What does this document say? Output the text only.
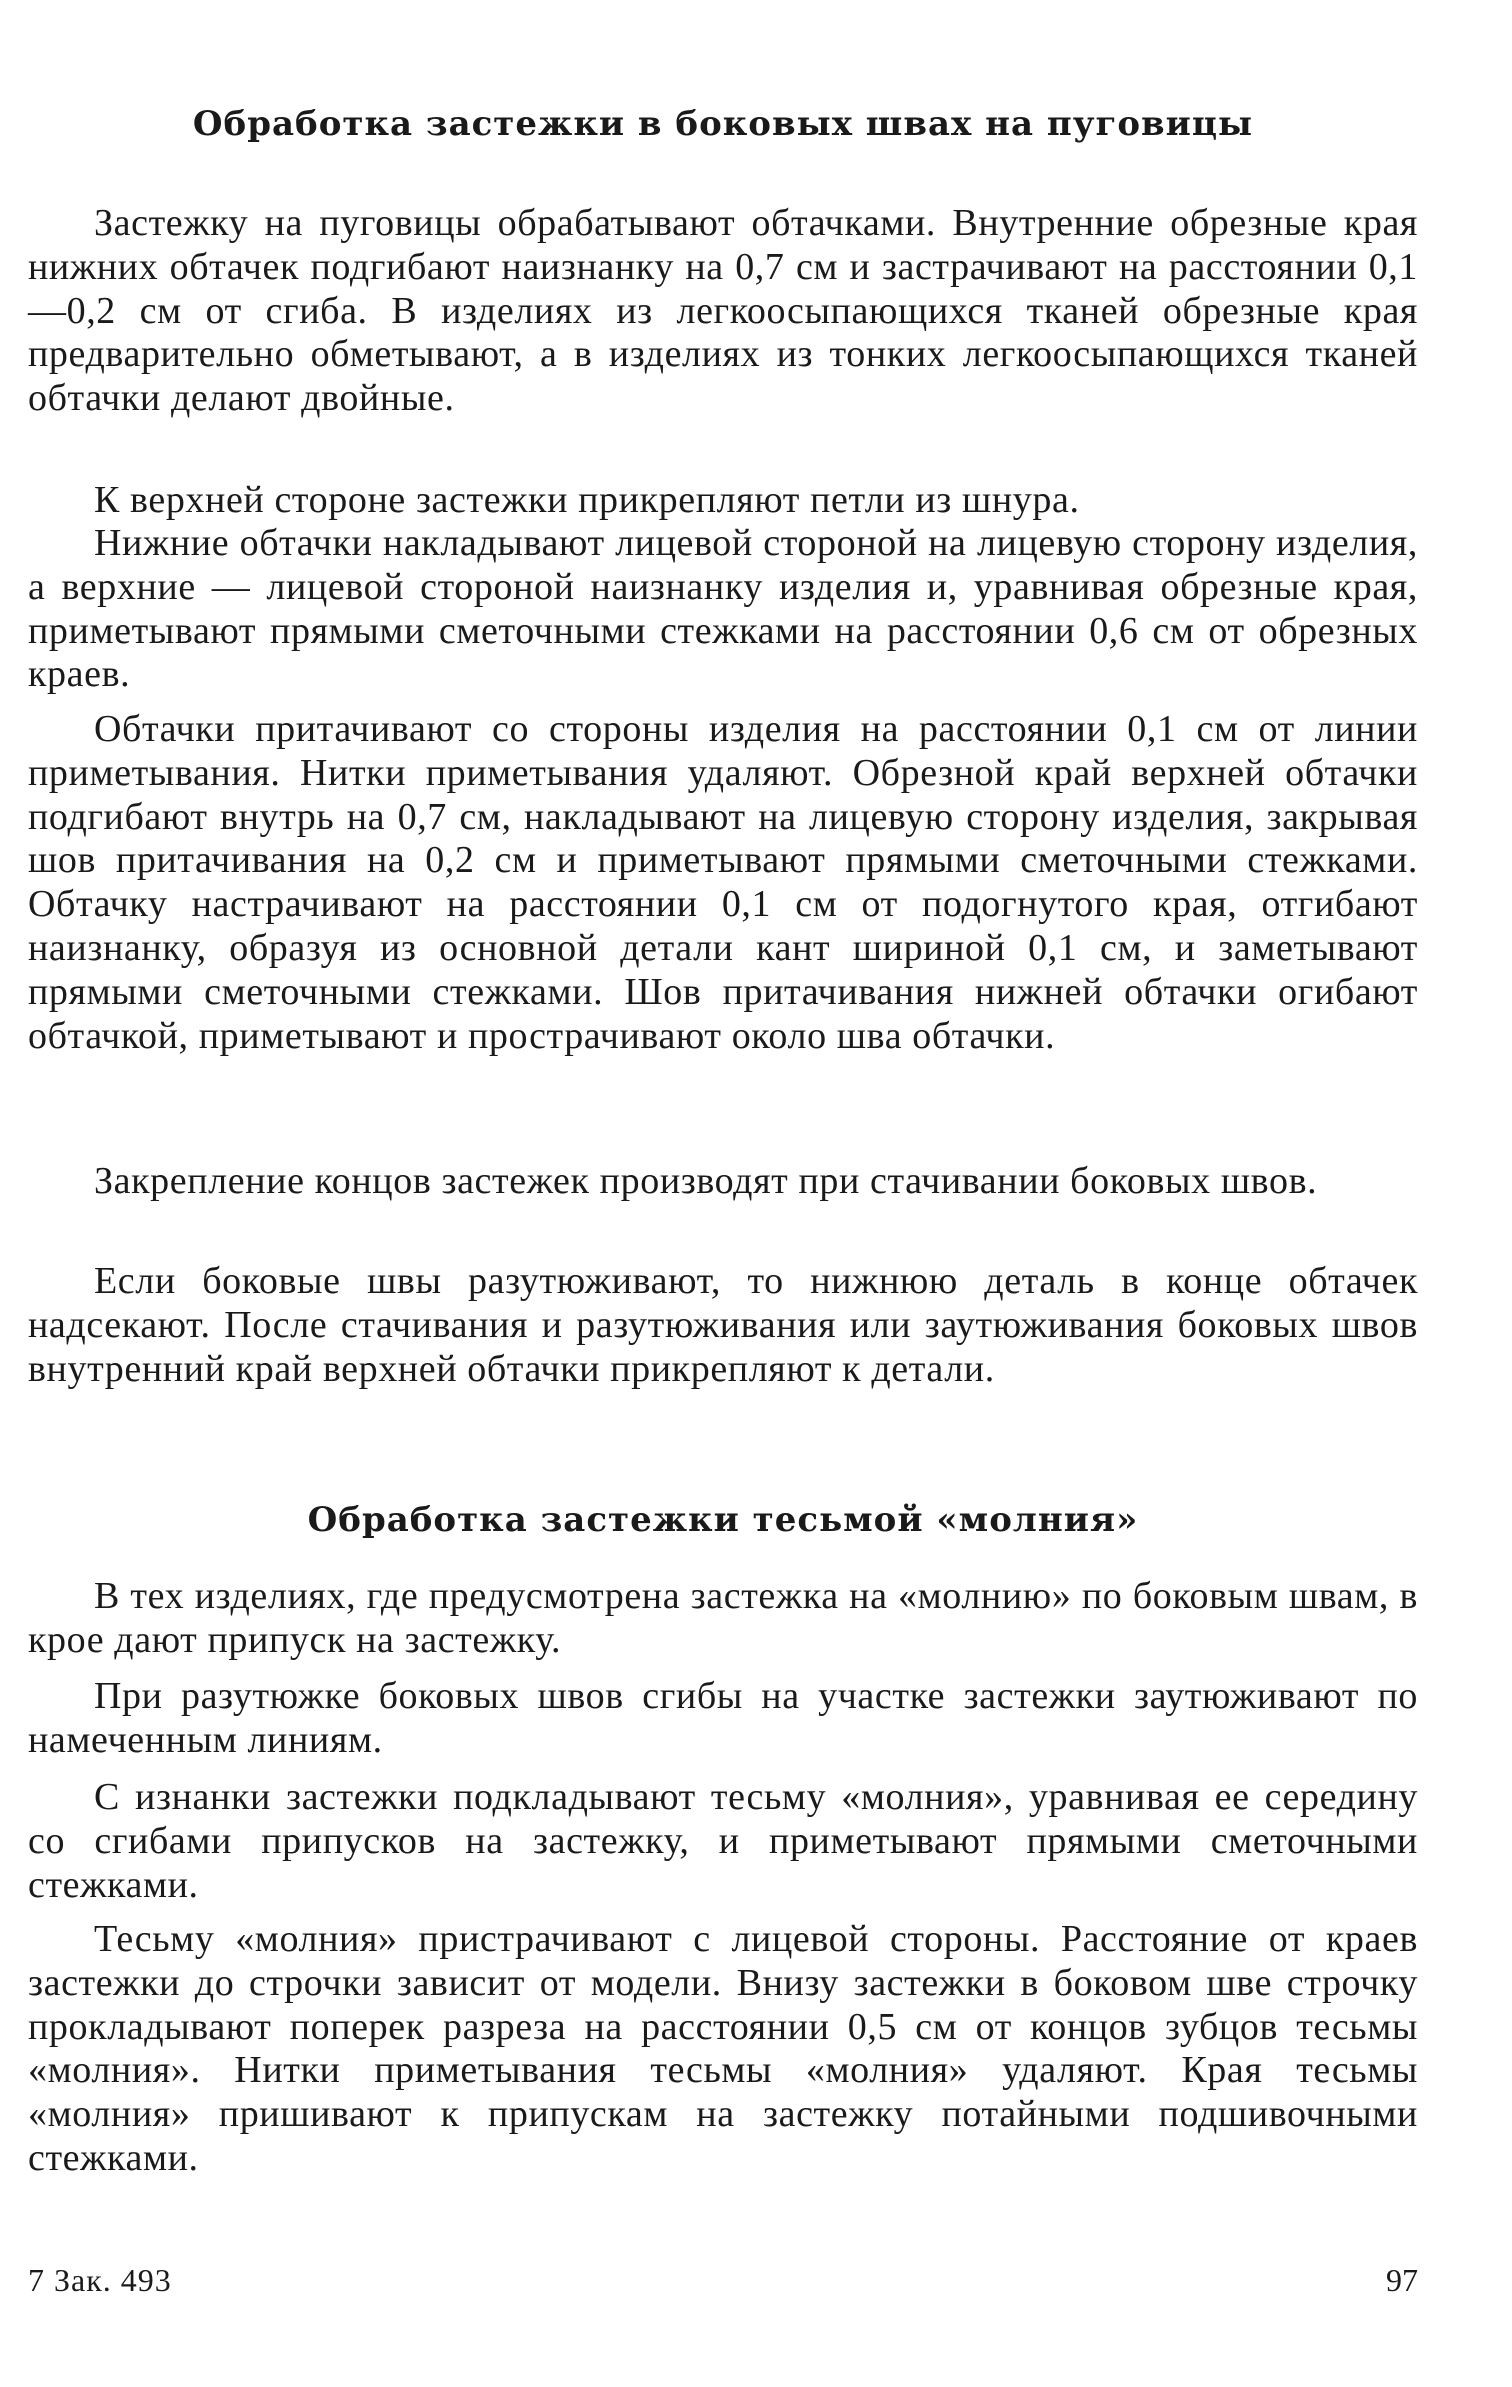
Обработка застежки в боковых швах на пуговицы

Застежку на пуговицы обрабатывают обтачками. Внутренние обрезные края нижних обтачек подгибают наизнанку на 0,7 см и застрачивают на расстоянии 0,1—0,2 см от сгиба. В изделиях из легкоосыпающихся тканей обрезные края предварительно обметывают, а в изделиях из тонких легкоосыпающихся тканей обтачки делают двойные.

К верхней стороне застежки прикрепляют петли из шнура.

Нижние обтачки накладывают лицевой стороной на лицевую сторону изделия, а верхние — лицевой стороной наизнанку изделия и, уравнивая обрезные края, приметывают прямыми сметочными стежками на расстоянии 0,6 см от обрезных краев.

Обтачки притачивают со стороны изделия на расстоянии 0,1 см от линии приметывания. Нитки приметывания удаляют. Обрезной край верхней обтачки подгибают внутрь на 0,7 см, накладывают на лицевую сторону изделия, закрывая шов притачивания на 0,2 см и приметывают прямыми сметочными стежками. Обтачку настрачивают на расстоянии 0,1 см от подогнутого края, отгибают наизнанку, образуя из основной детали кант шириной 0,1 см, и заметывают прямыми сметочными стежками. Шов притачивания нижней обтачки огибают обтачкой, приметывают и прострачивают около шва обтачки.

Закрепление концов застежек производят при стачивании боковых швов.

Если боковые швы разутюживают, то нижнюю деталь в конце обтачек надсекают. После стачивания и разутюживания или заутюживания боковых швов внутренний край верхней обтачки прикрепляют к детали.

Обработка застежки тесьмой «молния»

В тех изделиях, где предусмотрена застежка на «молнию» по боковым швам, в крое дают припуск на застежку.

При разутюжке боковых швов сгибы на участке застежки заутюживают по намеченным линиям.

С изнанки застежки подкладывают тесьму «молния», уравнивая ее середину со сгибами припусков на застежку, и приметывают прямыми сметочными стежками.

Тесьму «молния» пристрачивают с лицевой стороны. Расстояние от краев застежки до строчки зависит от модели. Внизу застежки в боковом шве строчку прокладывают поперек разреза на расстоянии 0,5 см от концов зубцов тесьмы «молния». Нитки приметывания тесьмы «молния» удаляют. Края тесьмы «молния» пришивают к припускам на застежку потайными подшивочными стежками.

7 Зак. 493	97
